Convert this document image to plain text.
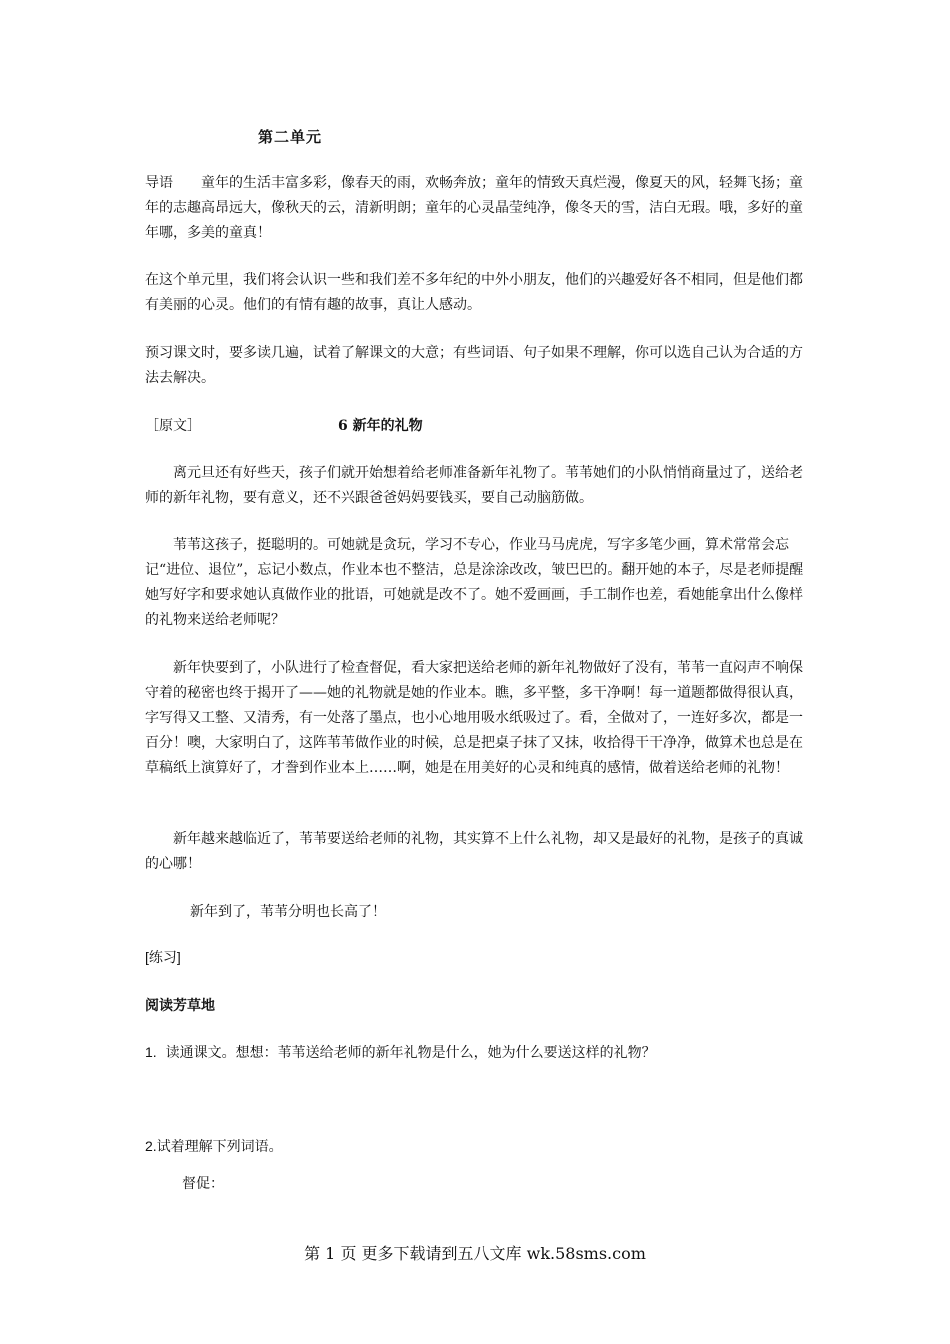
第二单元

导语 童年的生活丰富多彩，像春天的雨，欢畅奔放；童年的情致天真烂漫，像夏天的风，轻舞飞扬；童年的志趣高昂远大，像秋天的云，清新明朗；童年的心灵晶莹纯净，像冬天的雪，洁白无瑕。哦，多好的童年哪，多美的童真！

在这个单元里，我们将会认识一些和我们差不多年纪的中外小朋友，他们的兴趣爱好各不相同，但是他们都有美丽的心灵。他们的有情有趣的故事，真让人感动。

预习课文时，要多读几遍，试着了解课文的大意；有些词语、句子如果不理解，你可以选自己认为合适的方法去解决。

［原文］	6 新年的礼物

离元旦还有好些天，孩子们就开始想着给老师准备新年礼物了。苇苇她们的小队悄悄商量过了，送给老师的新年礼物，要有意义，还不兴跟爸爸妈妈要钱买，要自己动脑筋做。

苇苇这孩子，挺聪明的。可她就是贪玩，学习不专心，作业马马虎虎，写字多笔少画，算术常常会忘记“进位、退位”，忘记小数点，作业本也不整洁，总是涂涂改改，皱巴巴的。翻开她的本子，尽是老师提醒她写好字和要求她认真做作业的批语，可她就是改不了。她不爱画画，手工制作也差，看她能拿出什么像样的礼物来送给老师呢？

新年快要到了，小队进行了检查督促，看大家把送给老师的新年礼物做好了没有，苇苇一直闷声不响保守着的秘密也终于揭开了——她的礼物就是她的作业本。瞧，多平整，多干净啊！每一道题都做得很认真，字写得又工整、又清秀，有一处落了墨点，也小心地用吸水纸吸过了。看，全做对了，一连好多次，都是一百分！噢，大家明白了，这阵苇苇做作业的时候，总是把桌子抹了又抹，收拾得干干净净，做算术也总是在草稿纸上演算好了，才誊到作业本上……啊，她是在用美好的心灵和纯真的感情，做着送给老师的礼物！

新年越来越临近了，苇苇要送给老师的礼物，其实算不上什么礼物，却又是最好的礼物，是孩子的真诚的心哪！

新年到了，苇苇分明也长高了！
[练习]
阅读芳草地
1. 读通课文。想想：苇苇送给老师的新年礼物是什么，她为什么要送这样的礼物？
2.试着理解下列词语。
督促：
第 1 页 更多下载请到五八文库 wk.58sms.com
